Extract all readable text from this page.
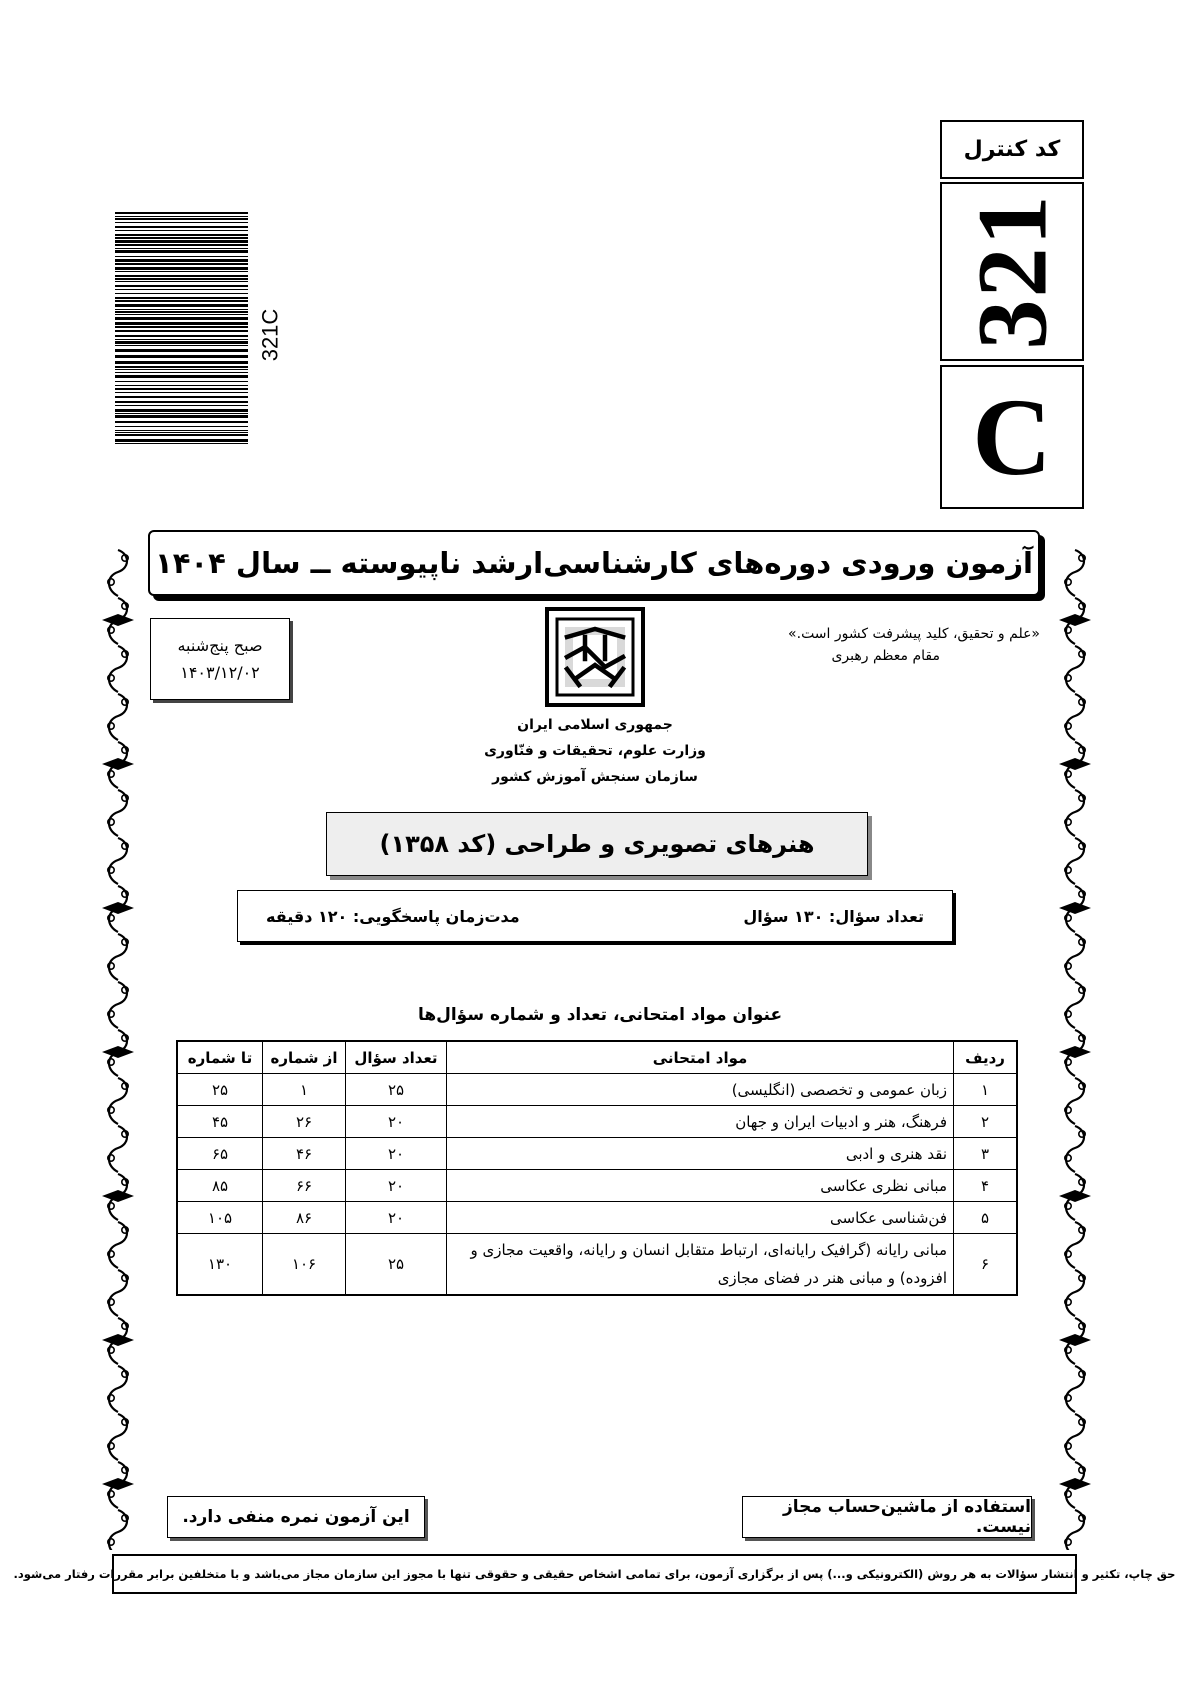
کد کنترل
321
C
321C
آزمون ورودی دوره‌های کارشناسی‌ارشد ناپیوسته ــ سال ۱۴۰۴
صبح پنج‌شنبه
۱۴۰۳/۱۲/۰۲
«علم و تحقیق، کلید پیشرفت کشور است.»
مقام معظم رهبری
جمهوری اسلامی ایران
وزارت علوم، تحقیقات و فنّاوری
سازمان سنجش آموزش کشور
هنرهای تصویری و طراحی (کد ۱۳۵۸)
تعداد سؤال: ۱۳۰ سؤال
مدت‌زمان پاسخگویی: ۱۲۰ دقیقه
عنوان مواد امتحانی، تعداد و شماره سؤال‌ها
ردیف	مواد امتحانی	تعداد سؤال	از شماره	تا شماره
۱	زبان عمومی و تخصصی (انگلیسی)	۲۵	۱	۲۵
۲	فرهنگ، هنر و ادبیات ایران و جهان	۲۰	۲۶	۴۵
۳	نقد هنری و ادبی	۲۰	۴۶	۶۵
۴	مبانی نظری عکاسی	۲۰	۶۶	۸۵
۵	فن‌شناسی عکاسی	۲۰	۸۶	۱۰۵
۶	مبانی رایانه (گرافیک رایانه‌ای، ارتباط متقابل انسان و رایانه، واقعیت مجازی و افزوده) و مبانی هنر در فضای مجازی	۲۵	۱۰۶	۱۳۰
استفاده از ماشین‌حساب مجاز نیست.
این آزمون نمره منفی دارد.
حق چاپ، تکثیر و انتشار سؤالات به هر روش (الکترونیکی و...) پس از برگزاری آزمون، برای تمامی اشخاص حقیقی و حقوقی تنها با مجوز این سازمان مجاز می‌باشد و با متخلفین برابر مقررات رفتار می‌شود.
